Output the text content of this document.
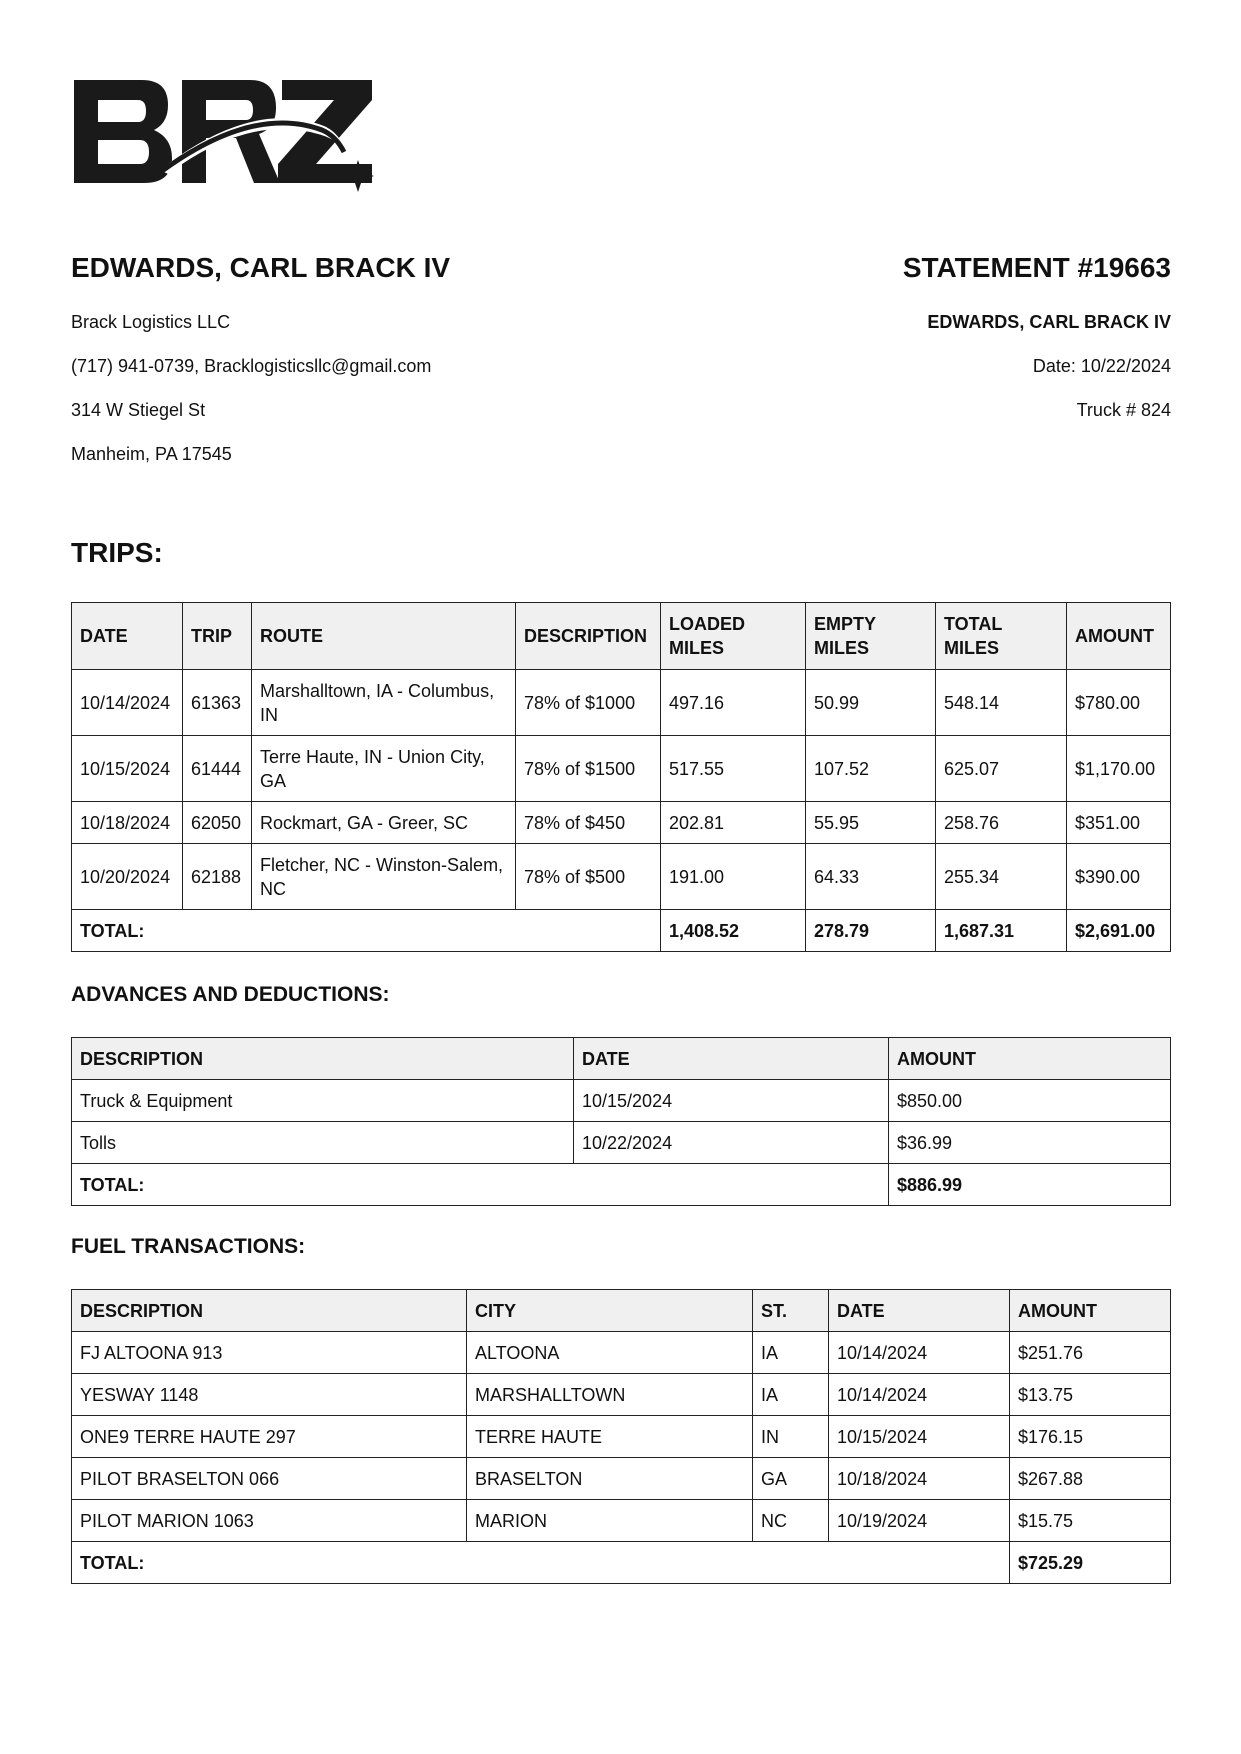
EDWARDS, CARL BRACK IV
Brack Logistics LLC
(717) 941-0739, Bracklogisticsllc@gmail.com
314 W Stiegel St
Manheim, PA 17545
STATEMENT #19663
EDWARDS, CARL BRACK IV
Date: 10/22/2024
Truck # 824
TRIPS:
DATE	TRIP	ROUTE	DESCRIPTION	LOADED MILES	EMPTY MILES	TOTAL MILES	AMOUNT
10/14/2024	61363	Marshalltown, IA - Columbus, IN	78% of $1000	497.16	50.99	548.14	$780.00
10/15/2024	61444	Terre Haute, IN - Union City, GA	78% of $1500	517.55	107.52	625.07	$1,170.00
10/18/2024	62050	Rockmart, GA - Greer, SC	78% of $450	202.81	55.95	258.76	$351.00
10/20/2024	62188	Fletcher, NC - Winston-Salem, NC	78% of $500	191.00	64.33	255.34	$390.00
TOTAL:				1,408.52	278.79	1,687.31	$2,691.00
ADVANCES AND DEDUCTIONS:
DESCRIPTION	DATE	AMOUNT
Truck & Equipment	10/15/2024	$850.00
Tolls	10/22/2024	$36.99
TOTAL:		$886.99
FUEL TRANSACTIONS:
DESCRIPTION	CITY	ST.	DATE	AMOUNT
FJ ALTOONA 913	ALTOONA	IA	10/14/2024	$251.76
YESWAY 1148	MARSHALLTOWN	IA	10/14/2024	$13.75
ONE9 TERRE HAUTE 297	TERRE HAUTE	IN	10/15/2024	$176.15
PILOT BRASELTON 066	BRASELTON	GA	10/18/2024	$267.88
PILOT MARION 1063	MARION	NC	10/19/2024	$15.75
TOTAL:				$725.29
